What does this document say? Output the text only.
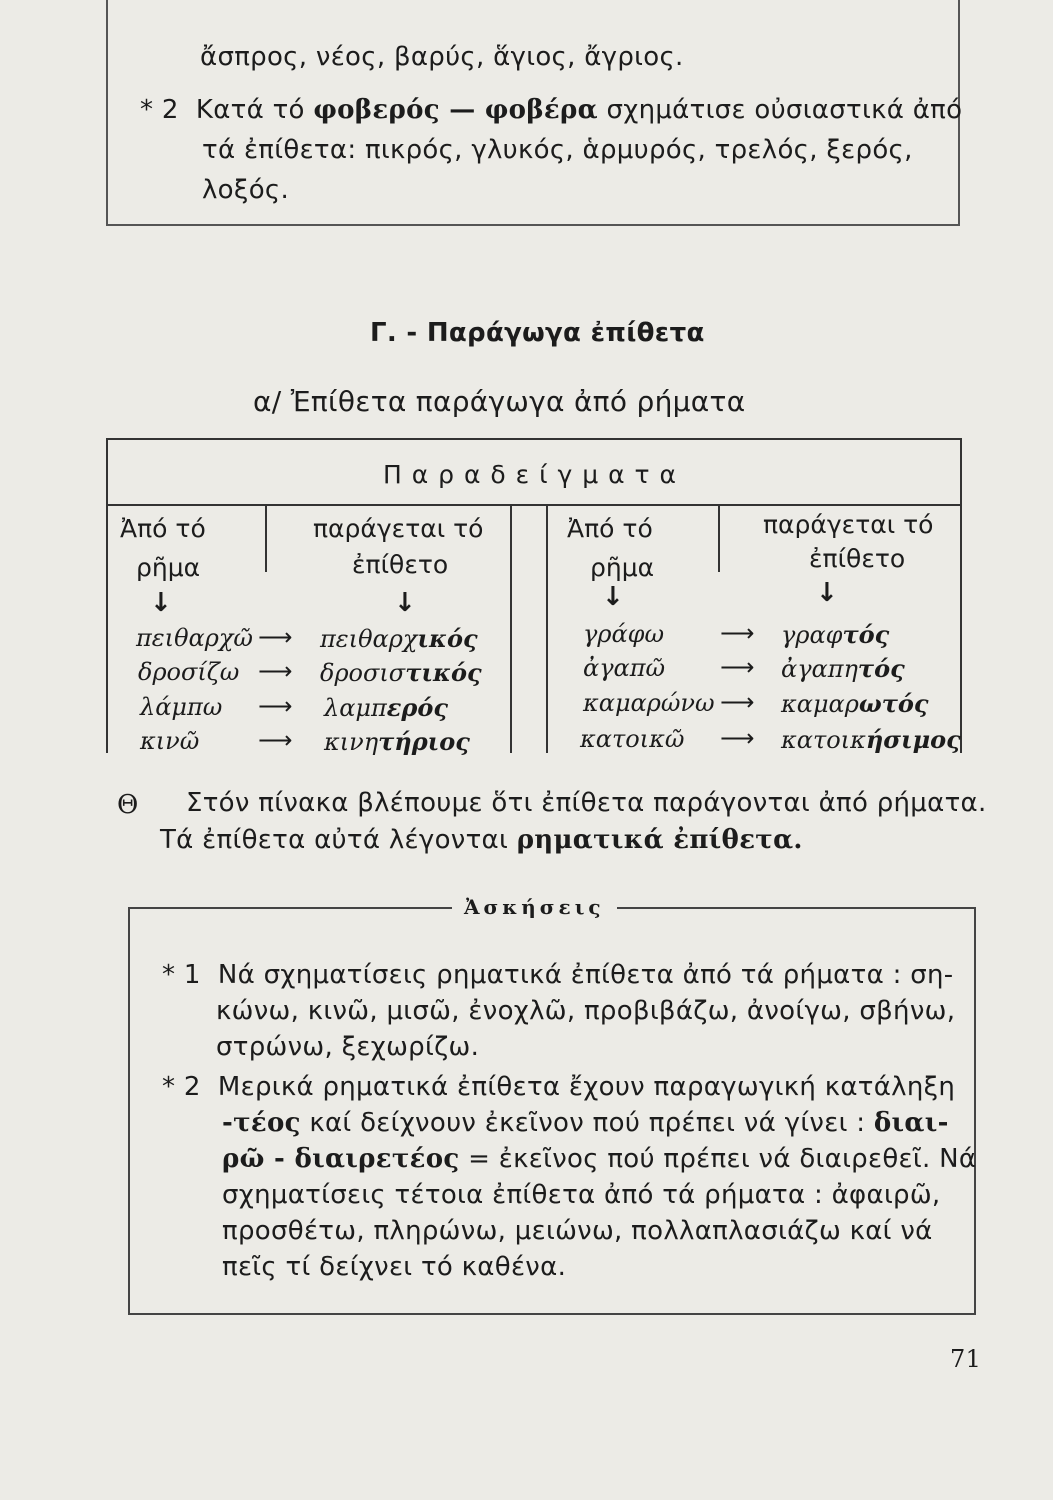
ἄσπρος, νέος, βαρύς, ἅγιος, ἄγριος.
* 2 Κατά τό φοβερός — φοβέρα σχημάτισε οὐσιαστικά ἀπό
τά ἐπίθετα: πικρός, γλυκός, ἁρμυρός, τρελός, ξερός,
λοξός.
Γ. - Παράγωγα ἐπίθετα
α/ Ἐπίθετα παράγωγα ἀπό ρήματα
Π α ρ α δ ε ί γ μ α τ α
Ἀπό τό
ρῆμα
παράγεται τό
ἐπίθετο
Ἀπό τό
ρῆμα
παράγεται τό
ἐπίθετο
↓	↓	↓	↓
πειθαρχῶ ⟶ πειθαρχικός
δροσίζω ⟶ δροσιστικός
λάμπω ⟶ λαμπερός
κινῶ ⟶ κινητήριος
γράφω ⟶ γραφτός
ἀγαπῶ ⟶ ἀγαπητός
καμαρώνω ⟶ καμαρωτός
κατοικῶ ⟶ κατοικήσιμος
Θ Στόν πίνακα βλέπουμε ὅτι ἐπίθετα παράγονται ἀπό ρήματα.
Τά ἐπίθετα αὐτά λέγονται ρηματικά ἐπίθετα.
Ἀσκήσεις
* 1 Νά σχηματίσεις ρηματικά ἐπίθετα ἀπό τά ρήματα : ση-
κώνω, κινῶ, μισῶ, ἐνοχλῶ, προβιβάζω, ἀνοίγω, σβήνω,
στρώνω, ξεχωρίζω.
* 2 Μερικά ρηματικά ἐπίθετα ἔχουν παραγωγική κατάληξη
-τέος καί δείχνουν ἐκεῖνον πού πρέπει νά γίνει : διαι-
ρῶ - διαιρετέος = ἐκεῖνος πού πρέπει νά διαιρεθεῖ. Νά
σχηματίσεις τέτοια ἐπίθετα ἀπό τά ρήματα : ἀφαιρῶ,
προσθέτω, πληρώνω, μειώνω, πολλαπλασιάζω καί νά
πεῖς τί δείχνει τό καθένα.
71
